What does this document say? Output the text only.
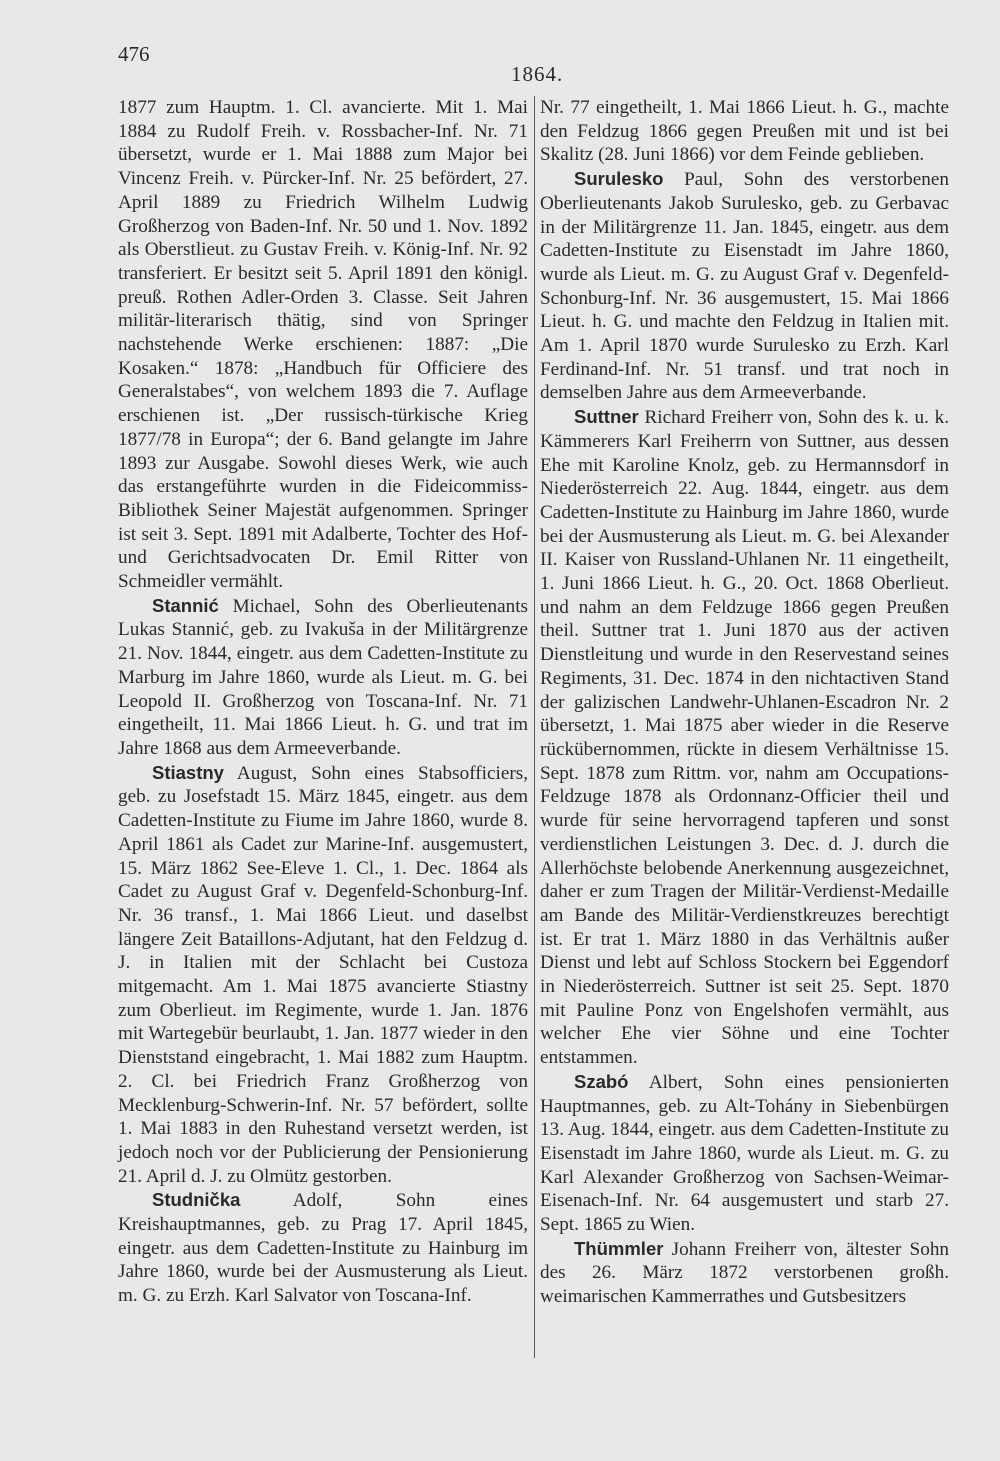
476
1864.

1877 zum Hauptm. 1. Cl. avancierte. Mit 1. Mai 1884 zu Rudolf Freih. v. Rossbacher-Inf. Nr. 71 übersetzt, wurde er 1. Mai 1888 zum Major bei Vincenz Freih. v. Pürcker-Inf. Nr. 25 befördert, 27. April 1889 zu Friedrich Wilhelm Ludwig Großherzog von Baden-Inf. Nr. 50 und 1. Nov. 1892 als Oberstlieut. zu Gustav Freih. v. König-Inf. Nr. 92 transferiert. Er besitzt seit 5. April 1891 den königl. preuß. Rothen Adler-Orden 3. Classe. Seit Jahren militär-literarisch thätig, sind von Springer nachstehende Werke erschienen: 1887: „Die Kosaken.“ 1878: „Handbuch für Officiere des Generalstabes“, von welchem 1893 die 7. Auflage erschienen ist. „Der russisch-türkische Krieg 1877/78 in Europa“; der 6. Band gelangte im Jahre 1893 zur Ausgabe. Sowohl dieses Werk, wie auch das erstangeführte wurden in die Fideicommiss-Bibliothek Seiner Majestät aufgenommen. Springer ist seit 3. Sept. 1891 mit Adalberte, Tochter des Hof- und Gerichtsadvocaten Dr. Emil Ritter von Schmeidler vermählt.

Stannić Michael, Sohn des Oberlieutenants Lukas Stannić, geb. zu Ivakuša in der Militärgrenze 21. Nov. 1844, eingetr. aus dem Cadetten-Institute zu Marburg im Jahre 1860, wurde als Lieut. m. G. bei Leopold II. Großherzog von Toscana-Inf. Nr. 71 eingetheilt, 11. Mai 1866 Lieut. h. G. und trat im Jahre 1868 aus dem Armeeverbande.

Stiastny August, Sohn eines Stabsofficiers, geb. zu Josefstadt 15. März 1845, eingetr. aus dem Cadetten-Institute zu Fiume im Jahre 1860, wurde 8. April 1861 als Cadet zur Marine-Inf. ausgemustert, 15. März 1862 See-Eleve 1. Cl., 1. Dec. 1864 als Cadet zu August Graf v. Degenfeld-Schonburg-Inf. Nr. 36 transf., 1. Mai 1866 Lieut. und daselbst längere Zeit Bataillons-Adjutant, hat den Feldzug d. J. in Italien mit der Schlacht bei Custoza mitgemacht. Am 1. Mai 1875 avancierte Stiastny zum Oberlieut. im Regimente, wurde 1. Jan. 1876 mit Wartegebür beurlaubt, 1. Jan. 1877 wieder in den Dienststand eingebracht, 1. Mai 1882 zum Hauptm. 2. Cl. bei Friedrich Franz Großherzog von Mecklenburg-Schwerin-Inf. Nr. 57 befördert, sollte 1. Mai 1883 in den Ruhestand versetzt werden, ist jedoch noch vor der Publicierung der Pensionierung 21. April d. J. zu Olmütz gestorben.

Studnička	Adolf, Sohn eines Kreishauptmannes, geb. zu Prag 17. April 1845, eingetr. aus dem Cadetten-Institute zu Hainburg im Jahre 1860, wurde bei der Ausmusterung als Lieut. m. G. zu Erzh. Karl Salvator von Toscana-Inf.

Nr. 77 eingetheilt, 1. Mai 1866 Lieut. h. G., machte den Feldzug 1866 gegen Preußen mit und ist bei Skalitz (28. Juni 1866) vor dem Feinde geblieben.

Surulesko Paul, Sohn des verstorbenen Oberlieutenants Jakob Surulesko, geb. zu Gerbavac in der Militärgrenze 11. Jan. 1845, eingetr. aus dem Cadetten-Institute zu Eisenstadt im Jahre 1860, wurde als Lieut. m. G. zu August Graf v. Degenfeld-Schonburg-Inf. Nr. 36 ausgemustert, 15. Mai 1866 Lieut. h. G. und machte den Feldzug in Italien mit. Am 1. April 1870 wurde Surulesko zu Erzh. Karl Ferdinand-Inf. Nr. 51 transf. und trat noch in demselben Jahre aus dem Armeeverbande.

Suttner Richard Freiherr von, Sohn des k. u. k. Kämmerers Karl Freiherrn von Suttner, aus dessen Ehe mit Karoline Knolz, geb. zu Hermannsdorf in Niederösterreich 22. Aug. 1844, eingetr. aus dem Cadetten-Institute zu Hainburg im Jahre 1860, wurde bei der Ausmusterung als Lieut. m. G. bei Alexander II. Kaiser von Russland-Uhlanen Nr. 11 eingetheilt, 1. Juni 1866 Lieut. h. G., 20. Oct. 1868 Oberlieut. und nahm an dem Feldzuge 1866 gegen Preußen theil. Suttner trat 1. Juni 1870 aus der activen Dienstleitung und wurde in den Reservestand seines Regiments, 31. Dec. 1874 in den nichtactiven Stand der galizischen Landwehr-Uhlanen-Escadron Nr. 2 übersetzt, 1. Mai 1875 aber wieder in die Reserve rückübernommen, rückte in diesem Verhältnisse 15. Sept. 1878 zum Rittm. vor, nahm am Occupations-Feldzuge 1878 als Ordonnanz-Officier theil und wurde für seine hervorragend tapferen und sonst verdienstlichen Leistungen 3. Dec. d. J. durch die Allerhöchste belobende Anerkennung ausgezeichnet, daher er zum Tragen der Militär-Verdienst-Medaille am Bande des Militär-Verdienstkreuzes berechtigt ist. Er trat 1. März 1880 in das Verhältnis außer Dienst und lebt auf Schloss Stockern bei Eggendorf in Niederösterreich. Suttner ist seit 25. Sept. 1870 mit Pauline Ponz von Engelshofen vermählt, aus welcher Ehe vier Söhne und eine Tochter entstammen.

Szabó Albert, Sohn eines pensionierten Hauptmannes, geb. zu Alt-Tohány in Siebenbürgen 13. Aug. 1844, eingetr. aus dem Cadetten-Institute zu Eisenstadt im Jahre 1860, wurde als Lieut. m. G. zu Karl Alexander Großherzog von Sachsen-Weimar-Eisenach-Inf. Nr. 64 ausgemustert und starb 27. Sept. 1865 zu Wien.

Thümmler Johann Freiherr von, ältester Sohn des 26. März 1872 verstorbenen großh. weimarischen Kammerrathes und Gutsbesitzers
